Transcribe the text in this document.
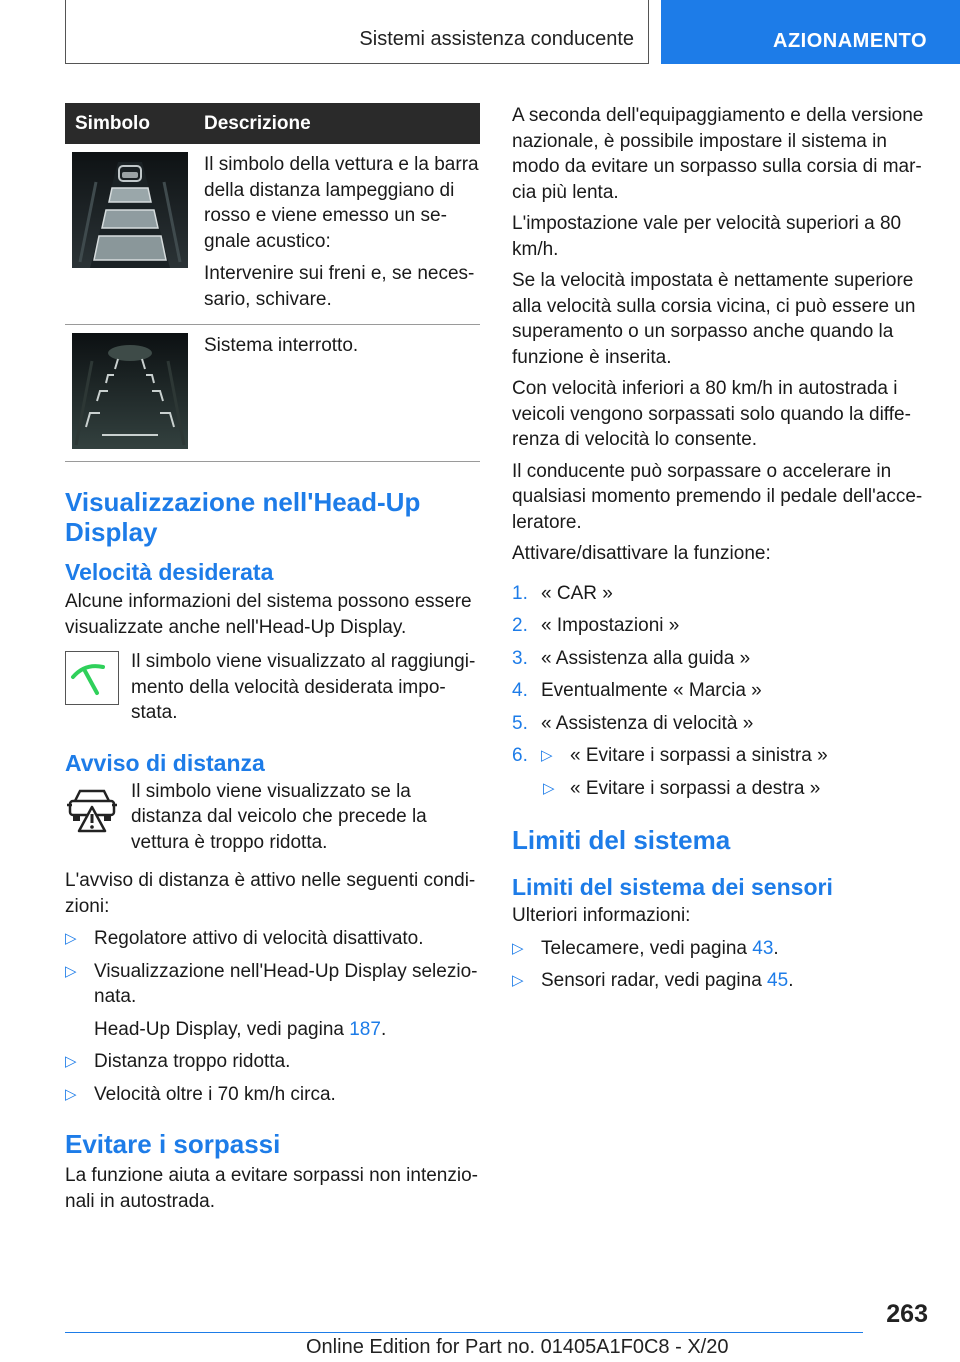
Sistemi assistenza conducente	AZIONAMENTO
Simbolo	Descrizione

Il simbolo della vettura e la barra della distanza lampeggiano di rosso e viene emesso un se-gnale acustico:

Intervenire sui freni e, se neces-sario, schivare.

Sistema interrotto.

Visualizzazione nell'Head-Up Display
Velocità desiderata

Alcune informazioni del sistema possono essere visualizzate anche nell'Head-Up Display.

Il simbolo viene visualizzato al raggiungi-mento della velocità desiderata impo-stata.

Avviso di distanza

Il simbolo viene visualizzato se la distanza dal veicolo che precede la vettura è troppo ridotta.

L'avviso di distanza è attivo nelle seguenti condi-zioni:

▷ Regolatore attivo di velocità disattivato.

▷ Visualizzazione nell'Head-Up Display selezio-nata.

Head-Up Display, vedi pagina 187.

▷ Distanza troppo ridotta.

▷ Velocità oltre i 70 km/h circa.

Evitare i sorpassi

La funzione aiuta a evitare sorpassi non intenzio-nali in autostrada.

A seconda dell'equipaggiamento e della versione nazionale, è possibile impostare il sistema in modo da evitare un sorpasso sulla corsia di mar-cia più lenta.

L'impostazione vale per velocità superiori a 80 km/h.

Se la velocità impostata è nettamente superiore alla velocità sulla corsia vicina, ci può essere un superamento o un sorpasso anche quando la funzione è inserita.

Con velocità inferiori a 80 km/h in autostrada i veicoli vengono sorpassati solo quando la diffe-renza di velocità lo consente.

Il conducente può sorpassare o accelerare in qualsiasi momento premendo il pedale dell'acce-leratore.

Attivare/disattivare la funzione:

1. « CAR »

2. « Impostazioni »

3. « Assistenza alla guida »

4. Eventualmente « Marcia »

5. « Assistenza di velocità »

6. ▷ « Evitare i sorpassi a sinistra »

▷ « Evitare i sorpassi a destra »

Limiti del sistema
Limiti del sistema dei sensori

Ulteriori informazioni:

▷ Telecamere, vedi pagina 43.

▷ Sensori radar, vedi pagina 45.

263
Online Edition for Part no. 01405A1F0C8 - X/20
